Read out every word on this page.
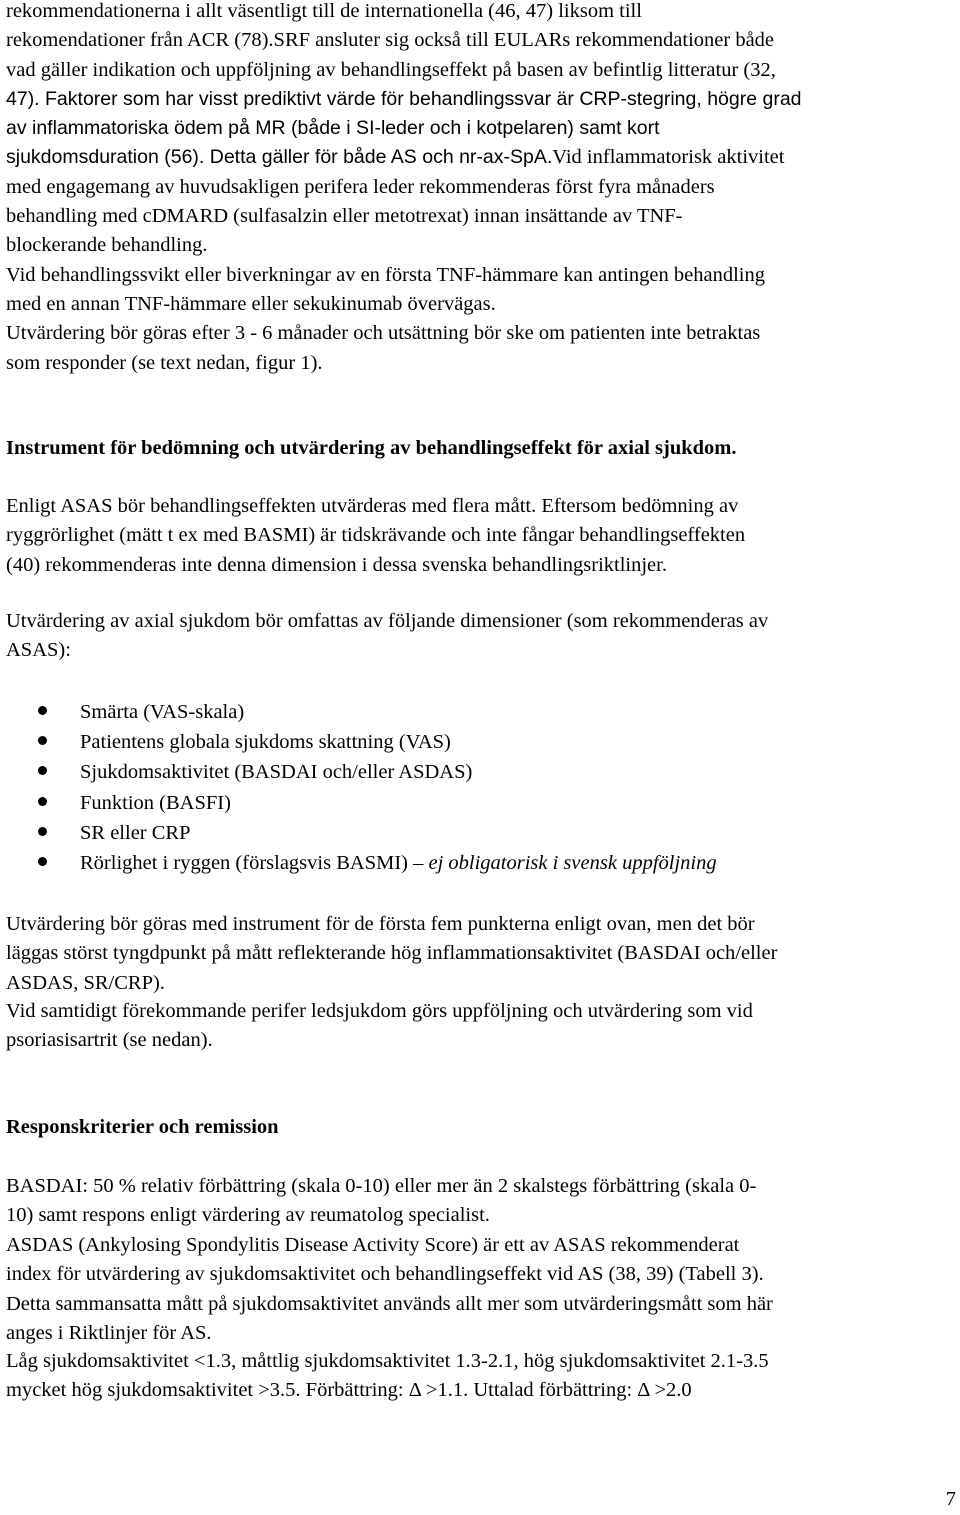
rekommendationerna i allt väsentligt till de internationella (46, 47) liksom till
rekomendationer från ACR (78).SRF ansluter sig också till EULARs rekommendationer både
vad gäller indikation och uppföljning av behandlingseffekt på basen av befintlig litteratur (32,
47). Faktorer som har visst prediktivt värde för behandlingssvar är CRP-stegring, högre grad
av inflammatoriska ödem på MR (både i SI-leder och i kotpelaren) samt kort
sjukdomsduration (56). Detta gäller för både AS och nr-ax-SpA.Vid inflammatorisk aktivitet
med engagemang av huvudsakligen perifera leder rekommenderas först fyra månaders
behandling med cDMARD (sulfasalzin eller metotrexat) innan insättande av TNF-
blockerande behandling.

Vid behandlingssvikt eller biverkningar av en första TNF-hämmare kan antingen behandling
med en annan TNF-hämmare eller sekukinumab övervägas.

Utvärdering bör göras efter 3 - 6 månader och utsättning bör ske om patienten inte betraktas
som responder (se text nedan, figur 1).

Instrument för bedömning och utvärdering av behandlingseffekt för axial sjukdom.

Enligt ASAS bör behandlingseffekten utvärderas med flera mått. Eftersom bedömning av
ryggrörlighet (mätt t ex med BASMI) är tidskrävande och inte fångar behandlingseffekten
(40) rekommenderas inte denna dimension i dessa svenska behandlingsriktlinjer.

Utvärdering av axial sjukdom bör omfattas av följande dimensioner (som rekommenderas av
ASAS):

Smärta (VAS-skala)
Patientens globala sjukdoms skattning (VAS)
Sjukdomsaktivitet (BASDAI och/eller ASDAS)
Funktion (BASFI)
SR eller CRP
Rörlighet i ryggen (förslagsvis BASMI) – ej obligatorisk i svensk uppföljning

Utvärdering bör göras med instrument för de första fem punkterna enligt ovan, men det bör
läggas störst tyngdpunkt på mått reflekterande hög inflammationsaktivitet (BASDAI och/eller
ASDAS, SR/CRP).

Vid samtidigt förekommande perifer ledsjukdom görs uppföljning och utvärdering som vid
psoriasisartrit (se nedan).

Responskriterier och remission

BASDAI: 50 % relativ förbättring (skala 0-10) eller mer än 2 skalstegs förbättring (skala 0-
10) samt respons enligt värdering av reumatolog specialist.

ASDAS (Ankylosing Spondylitis Disease Activity Score) är ett av ASAS rekommenderat
index för utvärdering av sjukdomsaktivitet och behandlingseffekt vid AS (38, 39) (Tabell 3).
Detta sammansatta mått på sjukdomsaktivitet används allt mer som utvärderingsmått som här
anges i Riktlinjer för AS.

Låg sjukdomsaktivitet <1.3, måttlig sjukdomsaktivitet 1.3-2.1, hög sjukdomsaktivitet 2.1-3.5
mycket hög sjukdomsaktivitet >3.5. Förbättring: Δ >1.1. Uttalad förbättring: Δ >2.0

7
